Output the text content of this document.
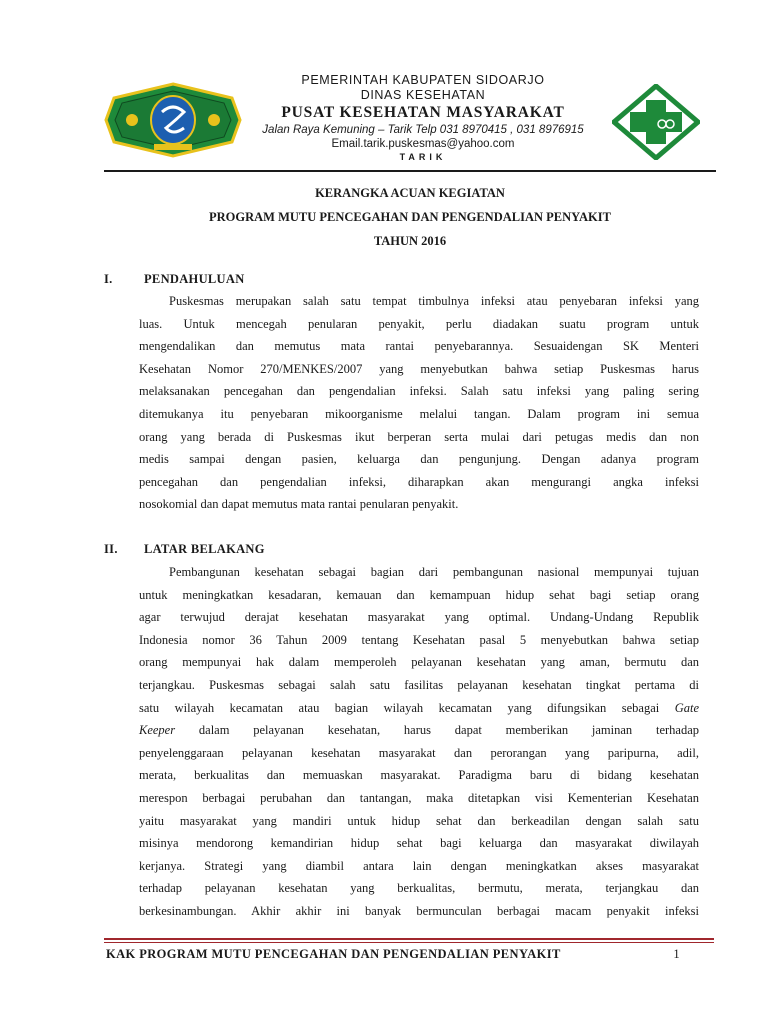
PEMERINTAH KABUPATEN SIDOARJO
DINAS KESEHATAN
PUSAT KESEHATAN MASYARAKAT
Jalan Raya Kemuning – Tarik Telp 031 8970415 , 031 8976915
Email.tarik.puskesmas@yahoo.com
TARIK
KERANGKA ACUAN KEGIATAN
PROGRAM MUTU PENCEGAHAN DAN PENGENDALIAN PENYAKIT
TAHUN 2016
I.	PENDAHULUAN
Puskesmas merupakan salah satu tempat timbulnya infeksi atau penyebaran infeksi yang
luas. Untuk mencegah penularan penyakit, perlu diadakan suatu program untuk
mengendalikan dan memutus mata rantai penyebarannya. Sesuaidengan SK Menteri
Kesehatan Nomor 270/MENKES/2007 yang menyebutkan bahwa setiap Puskesmas harus
melaksanakan pencegahan dan pengendalian infeksi. Salah satu infeksi yang paling sering
ditemukanya itu penyebaran mikoorganisme melalui tangan. Dalam program ini semua
orang yang berada di Puskesmas ikut berperan serta mulai dari petugas medis dan non
medis sampai dengan pasien, keluarga dan pengunjung. Dengan adanya program
pencegahan dan pengendalian infeksi, diharapkan akan mengurangi angka infeksi
nosokomial dan dapat memutus mata rantai penularan penyakit.
II. LATAR BELAKANG
Pembangunan kesehatan sebagai bagian dari pembangunan nasional mempunyai tujuan
untuk meningkatkan kesadaran, kemauan dan kemampuan hidup sehat bagi setiap orang
agar terwujud derajat kesehatan masyarakat yang optimal. Undang-Undang Republik
Indonesia nomor 36 Tahun 2009 tentang Kesehatan pasal 5 menyebutkan bahwa setiap
orang mempunyai hak dalam memperoleh pelayanan kesehatan yang aman, bermutu dan
terjangkau. Puskesmas sebagai salah satu fasilitas pelayanan kesehatan tingkat pertama di
satu wilayah kecamatan atau bagian wilayah kecamatan yang difungsikan sebagai Gate
Keeper dalam pelayanan kesehatan, harus dapat memberikan jaminan terhadap
penyelenggaraan pelayanan kesehatan masyarakat dan perorangan yang paripurna, adil,
merata, berkualitas dan memuaskan masyarakat. Paradigma baru di bidang kesehatan
merespon berbagai perubahan dan tantangan, maka ditetapkan visi Kementerian Kesehatan
yaitu masyarakat yang mandiri untuk hidup sehat dan berkeadilan dengan salah satu
misinya mendorong kemandirian hidup sehat bagi keluarga dan masyarakat diwilayah
kerjanya. Strategi yang diambil antara lain dengan meningkatkan akses masyarakat
terhadap pelayanan kesehatan yang berkualitas, bermutu, merata, terjangkau dan
berkesinambungan. Akhir akhir ini banyak bermunculan berbagai macam penyakit infeksi
KAK PROGRAM MUTU PENCEGAHAN DAN PENGENDALIAN PENYAKIT	1
